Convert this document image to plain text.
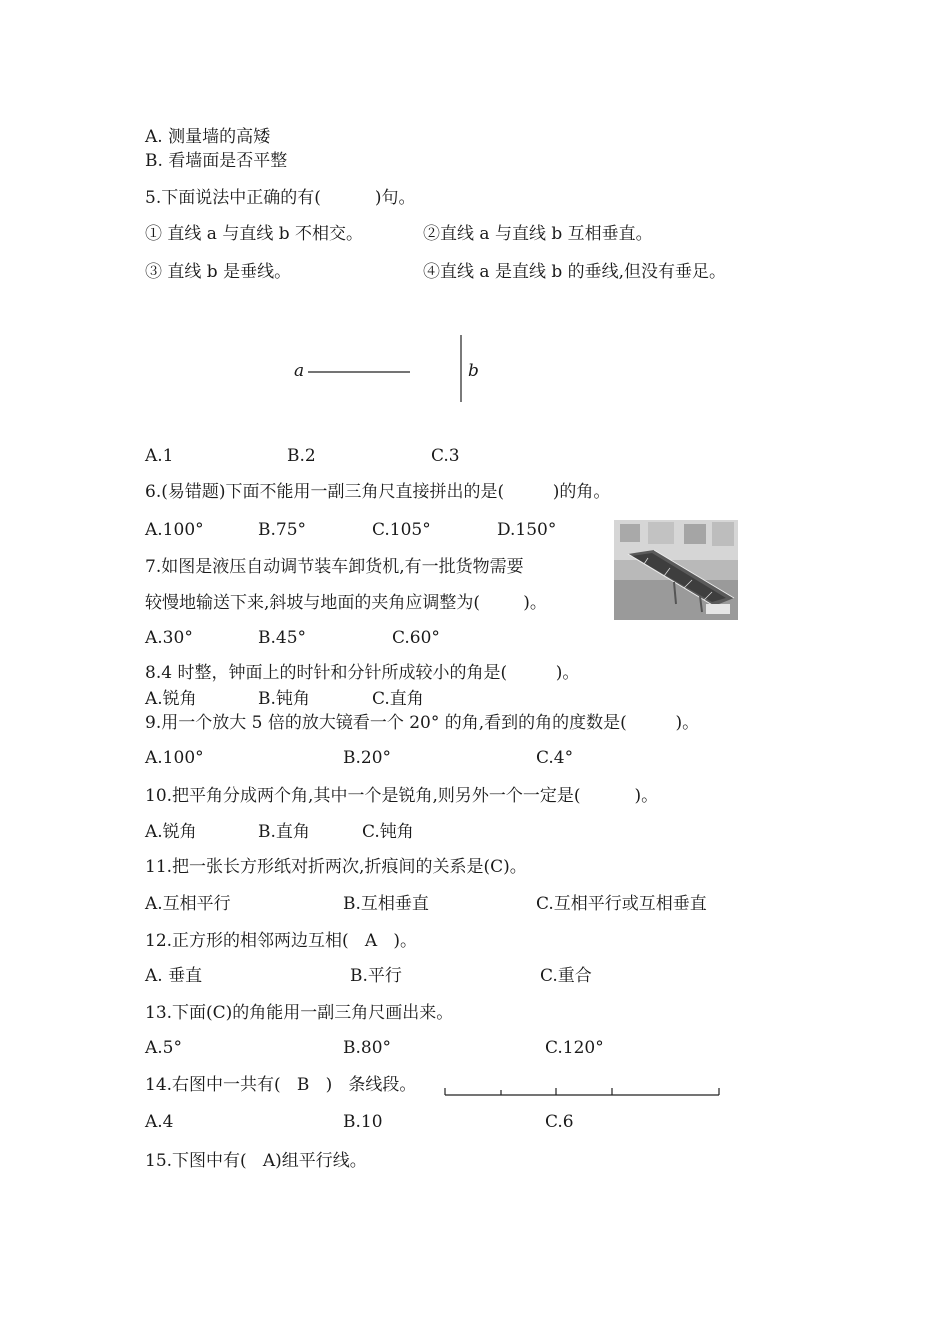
A. 测量墙的高矮
B. 看墙面是否平整
5.下面说法中正确的有(          )句。
① 直线 a 与直线 b 不相交。	②直线 a 与直线 b 互相垂直。
③ 直线 b 是垂线。	④直线 a 是直线 b 的垂线,但没有垂足。
a	b
A.1	B.2	C.3
6.(易错题)下面不能用一副三角尺直接拼出的是(         )的角。
A.100°	B.75°	C.105°	D.150°
7.如图是液压自动调节装车卸货机,有一批货物需要
较慢地输送下来,斜坡与地面的夹角应调整为(        )。
A.30°	B.45°	C.60°
8.4 时整，钟面上的时针和分针所成较小的角是(         )。
A.锐角	B.钝角	C.直角
9.用一个放大 5 倍的放大镜看一个 20° 的角,看到的角的度数是(         )。
A.100°	B.20°	C.4°
10.把平角分成两个角,其中一个是锐角,则另外一个一定是(          )。
A.锐角	B.直角	C.钝角
11.把一张长方形纸对折两次,折痕间的关系是(C)。
A.互相平行	B.互相垂直	C.互相平行或互相垂直
12.正方形的相邻两边互相(   A   )。
A. 垂直	B.平行	C.重合
13.下面(C)的角能用一副三角尺画出来。
A.5°	B.80°	C.120°
14.右图中一共有(   B   )   条线段。
A.4	B.10	C.6
15.下图中有(   A)组平行线。
